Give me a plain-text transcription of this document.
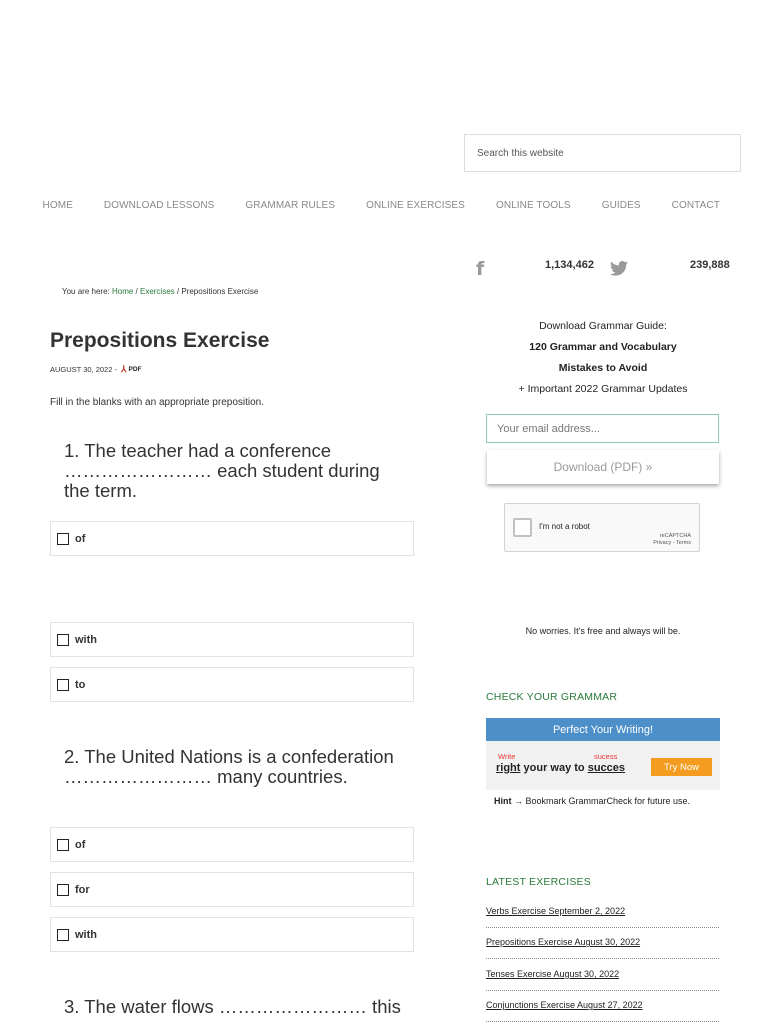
Search this website
HOME	DOWNLOAD LESSONS	GRAMMAR RULES	ONLINE EXERCISES	ONLINE TOOLS	GUIDES	CONTACT
f	1,134,462	239,888
You are here: Home / Exercises / Prepositions Exercise
Prepositions Exercise
AUGUST 30, 2022 - ⅄ PDF

Fill in the blanks with an appropriate preposition.

1. The teacher had a conference …………………… each student during the term.
of
with
to
2. The United Nations is a confederation …………………… many countries.
of
for
with
3. The water flows …………………… this
Download Grammar Guide:
120 Grammar and Vocabulary
Mistakes to Avoid
+ Important 2022 Grammar Updates
Your email address...
Download (PDF) »
I'm not a robot
reCAPTCHA
Privacy - Terms
No worries. It's free and always will be.
CHECK YOUR GRAMMAR
Perfect Your Writing!
Write	sucess
right your way to succes	Try Now
Hint → Bookmark GrammarCheck for future use.
LATEST EXERCISES
Verbs Exercise September 2, 2022
Prepositions Exercise August 30, 2022
Tenses Exercise August 30, 2022
Conjunctions Exercise August 27, 2022
